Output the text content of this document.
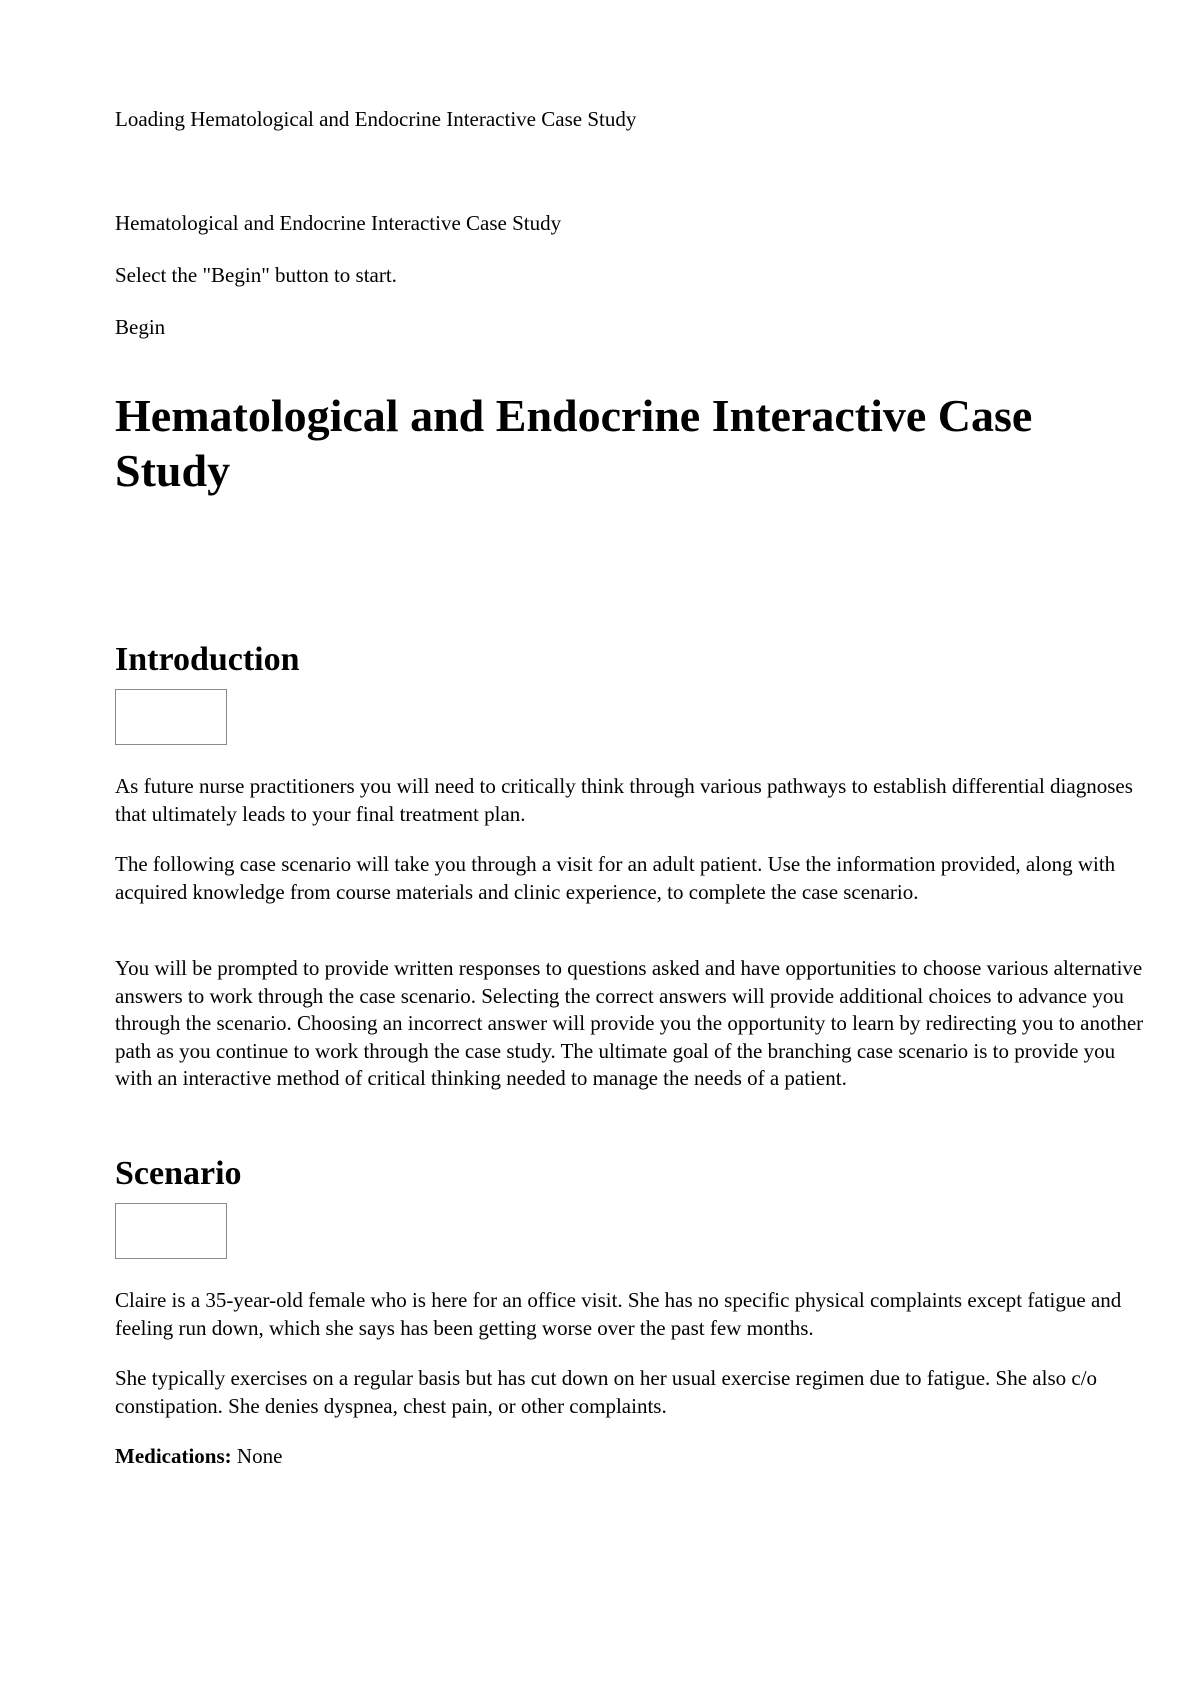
Loading Hematological and Endocrine Interactive Case Study

Hematological and Endocrine Interactive Case Study

Select the "Begin" button to start.

Begin

Hematological and Endocrine Interactive Case Study
Introduction

As future nurse practitioners you will need to critically think through various pathways to establish differential diagnoses that ultimately leads to your final treatment plan.

The following case scenario will take you through a visit for an adult patient. Use the information provided, along with acquired knowledge from course materials and clinic experience, to complete the case scenario.

You will be prompted to provide written responses to questions asked and have opportunities to choose various alternative answers to work through the case scenario. Selecting the correct answers will provide additional choices to advance you through the scenario. Choosing an incorrect answer will provide you the opportunity to learn by redirecting you to another path as you continue to work through the case study. The ultimate goal of the branching case scenario is to provide you with an interactive method of critical thinking needed to manage the needs of a patient.

Scenario

Claire is a 35-year-old female who is here for an office visit. She has no specific physical complaints except fatigue and feeling run down, which she says has been getting worse over the past few months.

She typically exercises on a regular basis but has cut down on her usual exercise regimen due to fatigue. She also c/o constipation. She denies dyspnea, chest pain, or other complaints.

Medications: None
